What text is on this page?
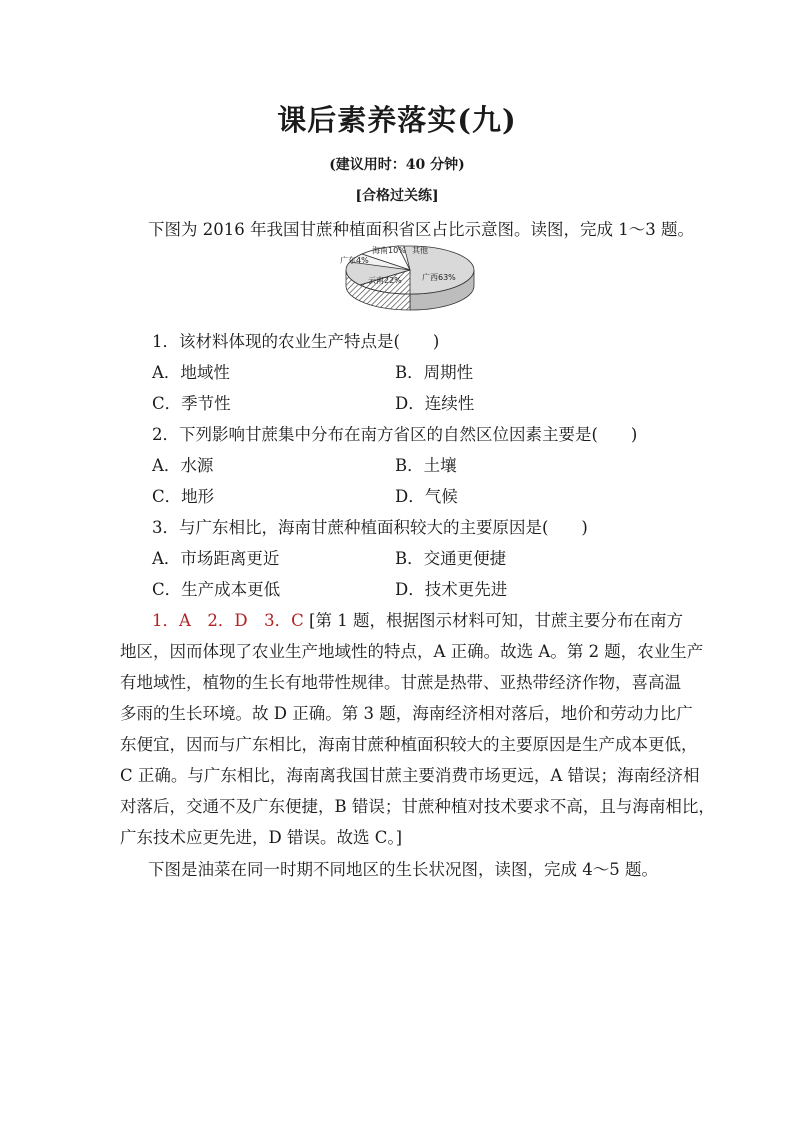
课后素养落实(九)
(建议用时：40 分钟)
[合格过关练]
下图为 2016 年我国甘蔗种植面积省区占比示意图。读图，完成 1～3 题。
广西63%
云南22%
海南10%
广东4%
其他
1．该材料体现的农业生产特点是(　　)
A．地域性	B．周期性
C．季节性	D．连续性
2．下列影响甘蔗集中分布在南方省区的自然区位因素主要是(　　)
A．水源	B．土壤
C．地形	D．气候
3．与广东相比，海南甘蔗种植面积较大的主要原因是(　　)
A．市场距离更近	B．交通更便捷
C．生产成本更低	D．技术更先进
1．A　2．D　3．C [第 1 题，根据图示材料可知，甘蔗主要分布在南方
地区，因而体现了农业生产地域性的特点，A 正确。故选 A。第 2 题，农业生产
有地域性，植物的生长有地带性规律。甘蔗是热带、亚热带经济作物，喜高温
多雨的生长环境。故 D 正确。第 3 题，海南经济相对落后，地价和劳动力比广
东便宜，因而与广东相比，海南甘蔗种植面积较大的主要原因是生产成本更低，
C 正确。与广东相比，海南离我国甘蔗主要消费市场更远，A 错误；海南经济相
对落后，交通不及广东便捷，B 错误；甘蔗种植对技术要求不高，且与海南相比，
广东技术应更先进，D 错误。故选 C。]
下图是油菜在同一时期不同地区的生长状况图，读图，完成 4～5 题。
